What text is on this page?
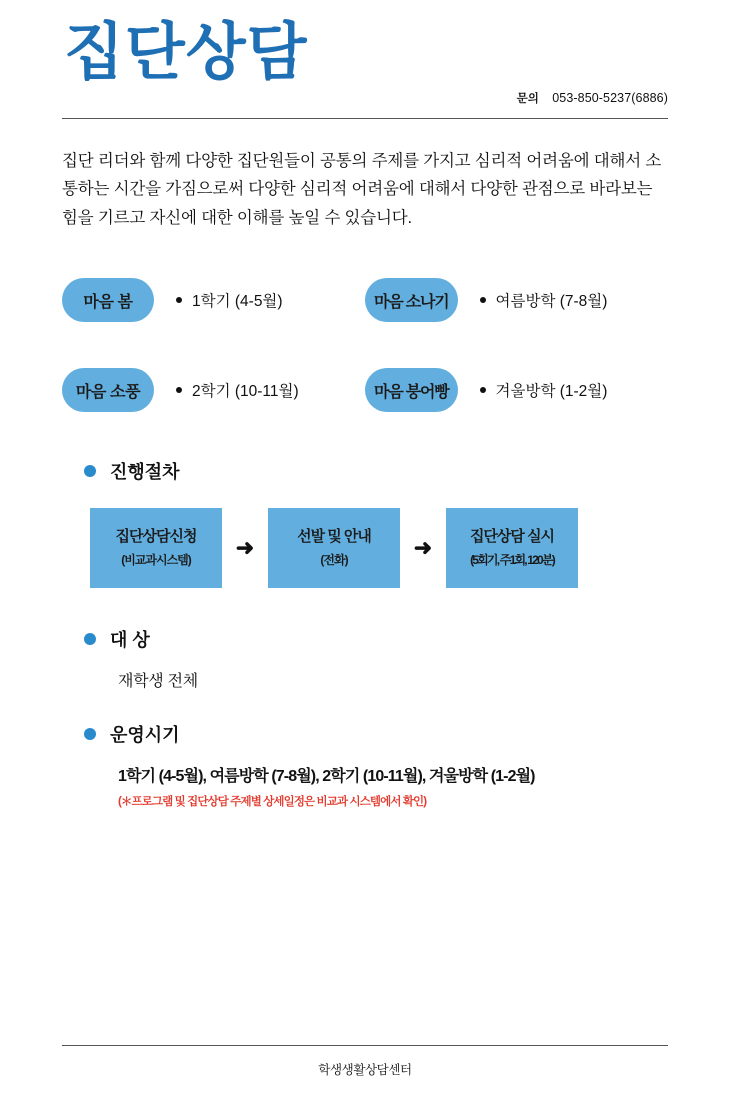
집단상담
문의 053-850-5237(6886)

집단 리더와 함께 다양한 집단원들이 공통의 주제를 가지고 심리적 어려움에 대해서 소통하는 시간을 가짐으로써 다양한 심리적 어려움에 대해서 다양한 관점으로 바라보는 힘을 기르고 자신에 대한 이해를 높일 수 있습니다.

마음 봄	1학기 (4-5월)	마음 소나기	여름방학 (7-8월)
마음 소풍	2학기 (10-11월)	마음 붕어빵	겨울방학 (1-2월)
진행절차
집단상담신청
(비교과시스템)	➜	선발 및 안내
(전화)	➜	집단상담 실시
(5회기, 주1회, 120분)
대 상
재학생 전체
운영시기
1학기 (4-5월), 여름방학 (7-8월), 2학기 (10-11월), 겨울방학 (1-2월)
(＊프로그램 및 집단상담 주제별 상세일정은 비교과 시스템에서 확인)
학생생활상담센터
